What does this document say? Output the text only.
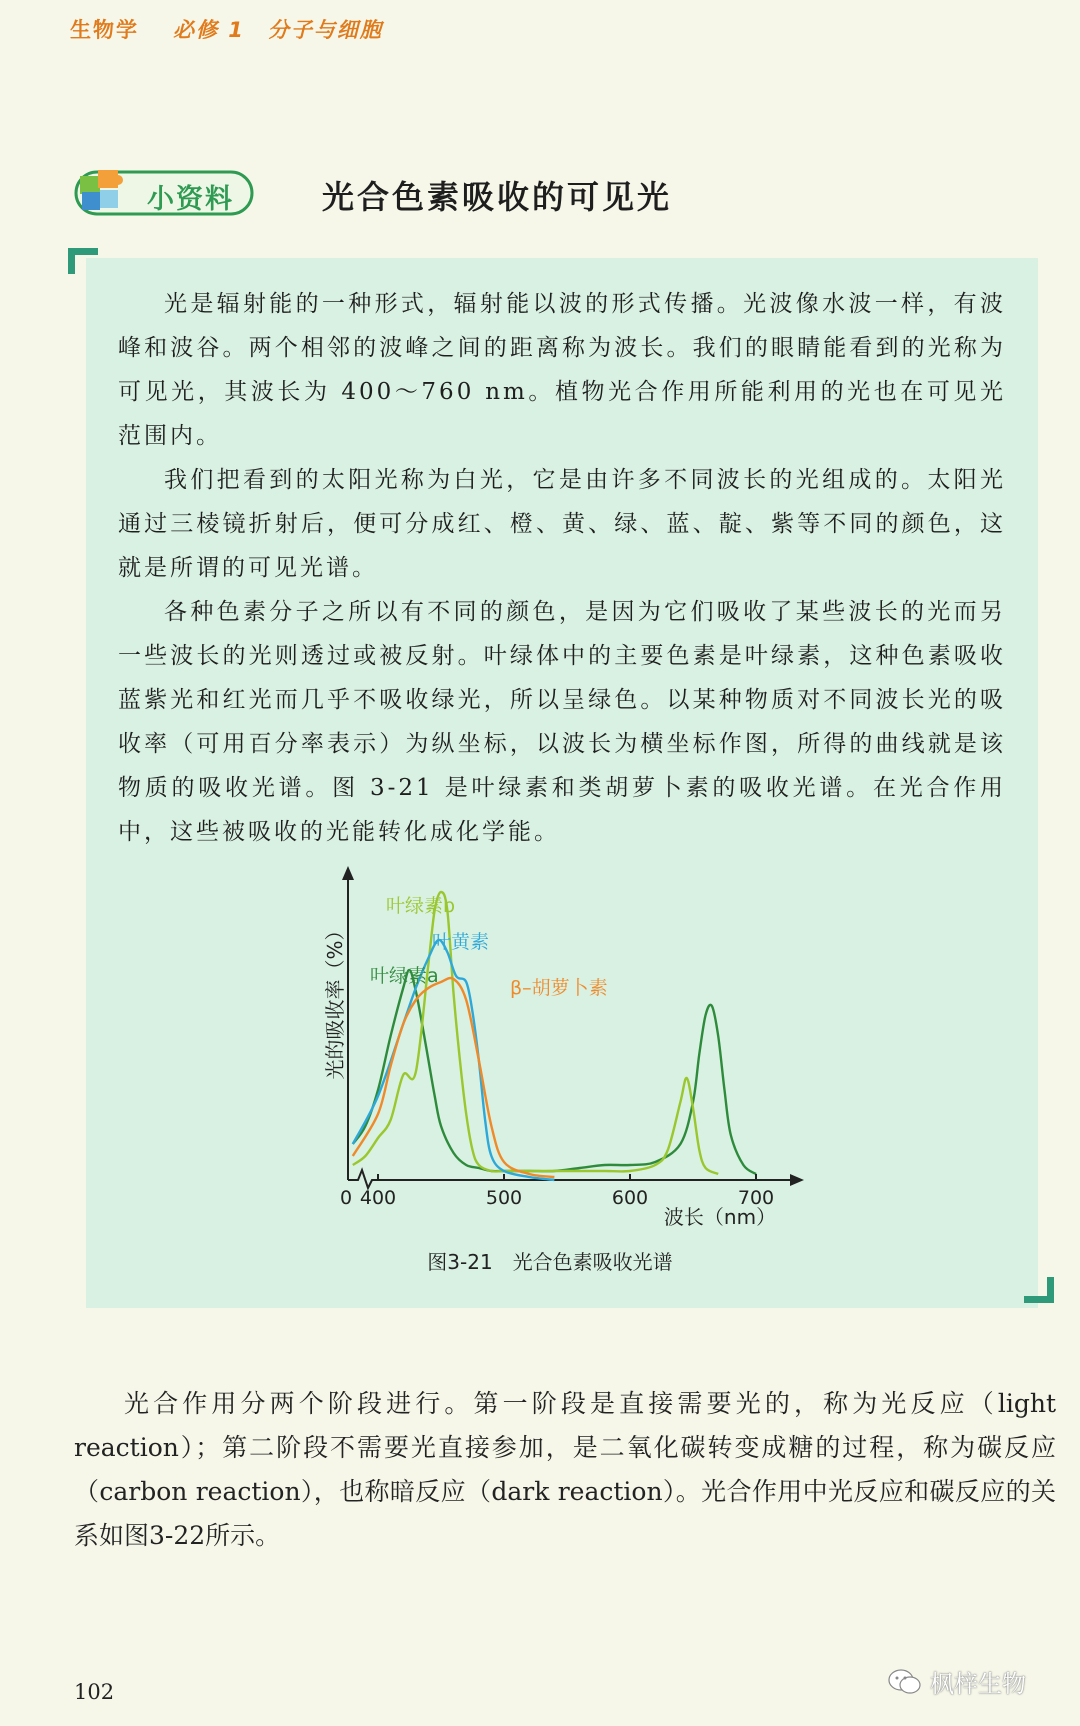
生物学 必修 1　分子与细胞
小资料	光合色素吸收的可见光

光是辐射能的一种形式，辐射能以波的形式传播。光波像水波一样，有波峰和波谷。两个相邻的波峰之间的距离称为波长。我们的眼睛能看到的光称为可见光，其波长为 400～760 nm。植物光合作用所能利用的光也在可见光范围内。

我们把看到的太阳光称为白光，它是由许多不同波长的光组成的。太阳光通过三棱镜折射后，便可分成红、橙、黄、绿、蓝、靛、紫等不同的颜色，这就是所谓的可见光谱。

各种色素分子之所以有不同的颜色，是因为它们吸收了某些波长的光而另一些波长的光则透过或被反射。叶绿体中的主要色素是叶绿素，这种色素吸收蓝紫光和红光而几乎不吸收绿光，所以呈绿色。以某种物质对不同波长光的吸收率（可用百分率表示）为纵坐标，以波长为横坐标作图，所得的曲线就是该物质的吸收光谱。图 3-21 是叶绿素和类胡萝卜素的吸收光谱。在光合作用中，这些被吸收的光能转化成化学能。

叶绿素a
叶绿素b
叶黄素
β–胡萝卜素
0 400	500	600	700
光的吸收率（%）
波长（nm）
图3-21 光合色素吸收光谱

光合作用分两个阶段进行。第一阶段是直接需要光的，称为光反应（light reaction）；第二阶段不需要光直接参加，是二氧化碳转变成糖的过程，称为碳反应（carbon reaction），也称暗反应（dark reaction）。光合作用中光反应和碳反应的关系如图3-22所示。

102	枫梓生物
